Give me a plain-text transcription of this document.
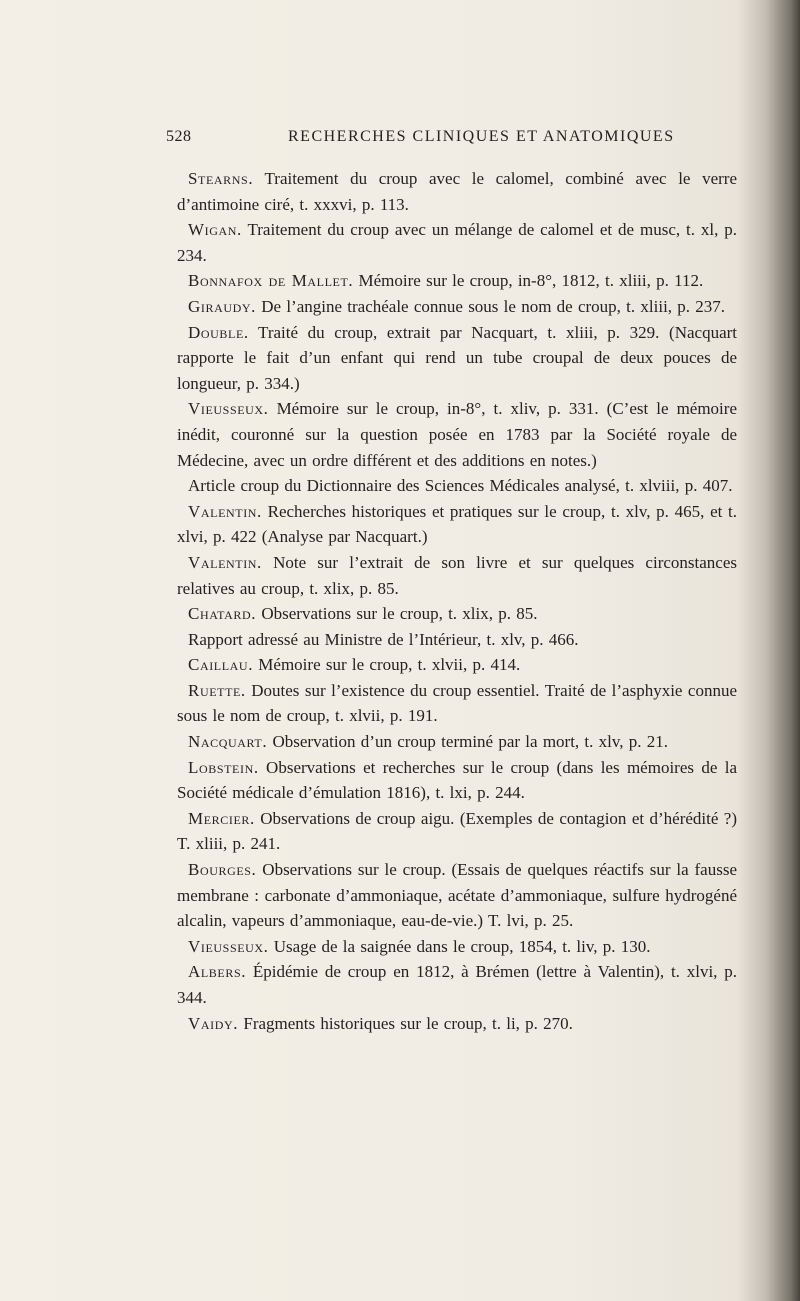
528	RECHERCHES CLINIQUES ET ANATOMIQUES

Stearns. Traitement du croup avec le calomel, combiné avec le verre d’antimoine ciré, t. xxxvi, p. 113.

Wigan. Traitement du croup avec un mélange de calomel et de musc, t. xl, p. 234.

Bonnafox de Mallet. Mémoire sur le croup, in-8°, 1812, t. xliii, p. 112.

Giraudy. De l’angine trachéale connue sous le nom de croup, t. xliii, p. 237.

Double. Traité du croup, extrait par Nacquart, t. xliii, p. 329. (Nacquart rapporte le fait d’un enfant qui rend un tube croupal de deux pouces de longueur, p. 334.)

Vieusseux. Mémoire sur le croup, in-8°, t. xliv, p. 331. (C’est le mémoire inédit, couronné sur la question posée en 1783 par la Société royale de Médecine, avec un ordre différent et des additions en notes.)

Article croup du Dictionnaire des Sciences Médicales analysé, t. xlviii, p. 407.

Valentin. Recherches historiques et pratiques sur le croup, t. xlv, p. 465, et t. xlvi, p. 422 (Analyse par Nacquart.)

Valentin. Note sur l’extrait de son livre et sur quelques circonstances relatives au croup, t. xlix, p. 85.

Chatard. Observations sur le croup, t. xlix, p. 85.

Rapport adressé au Ministre de l’Intérieur, t. xlv, p. 466.

Caillau. Mémoire sur le croup, t. xlvii, p. 414.

Ruette. Doutes sur l’existence du croup essentiel. Traité de l’asphyxie connue sous le nom de croup, t. xlvii, p. 191.

Nacquart. Observation d’un croup terminé par la mort, t. xlv, p. 21.

Lobstein. Observations et recherches sur le croup (dans les mémoires de la Société médicale d’émulation 1816), t. lxi, p. 244.

Mercier. Observations de croup aigu. (Exemples de contagion et d’hérédité ?) T. xliii, p. 241.

Bourges. Observations sur le croup. (Essais de quelques réactifs sur la fausse membrane : carbonate d’ammoniaque, acétate d’ammoniaque, sulfure hydrogéné alcalin, vapeurs d’ammoniaque, eau-de-vie.) T. lvi, p. 25.

Vieusseux. Usage de la saignée dans le croup, 1854, t. liv, p. 130.

Albers. Épidémie de croup en 1812, à Brémen (lettre à Valentin), t. xlvi, p. 344.

Vaidy. Fragments historiques sur le croup, t. li, p. 270.
